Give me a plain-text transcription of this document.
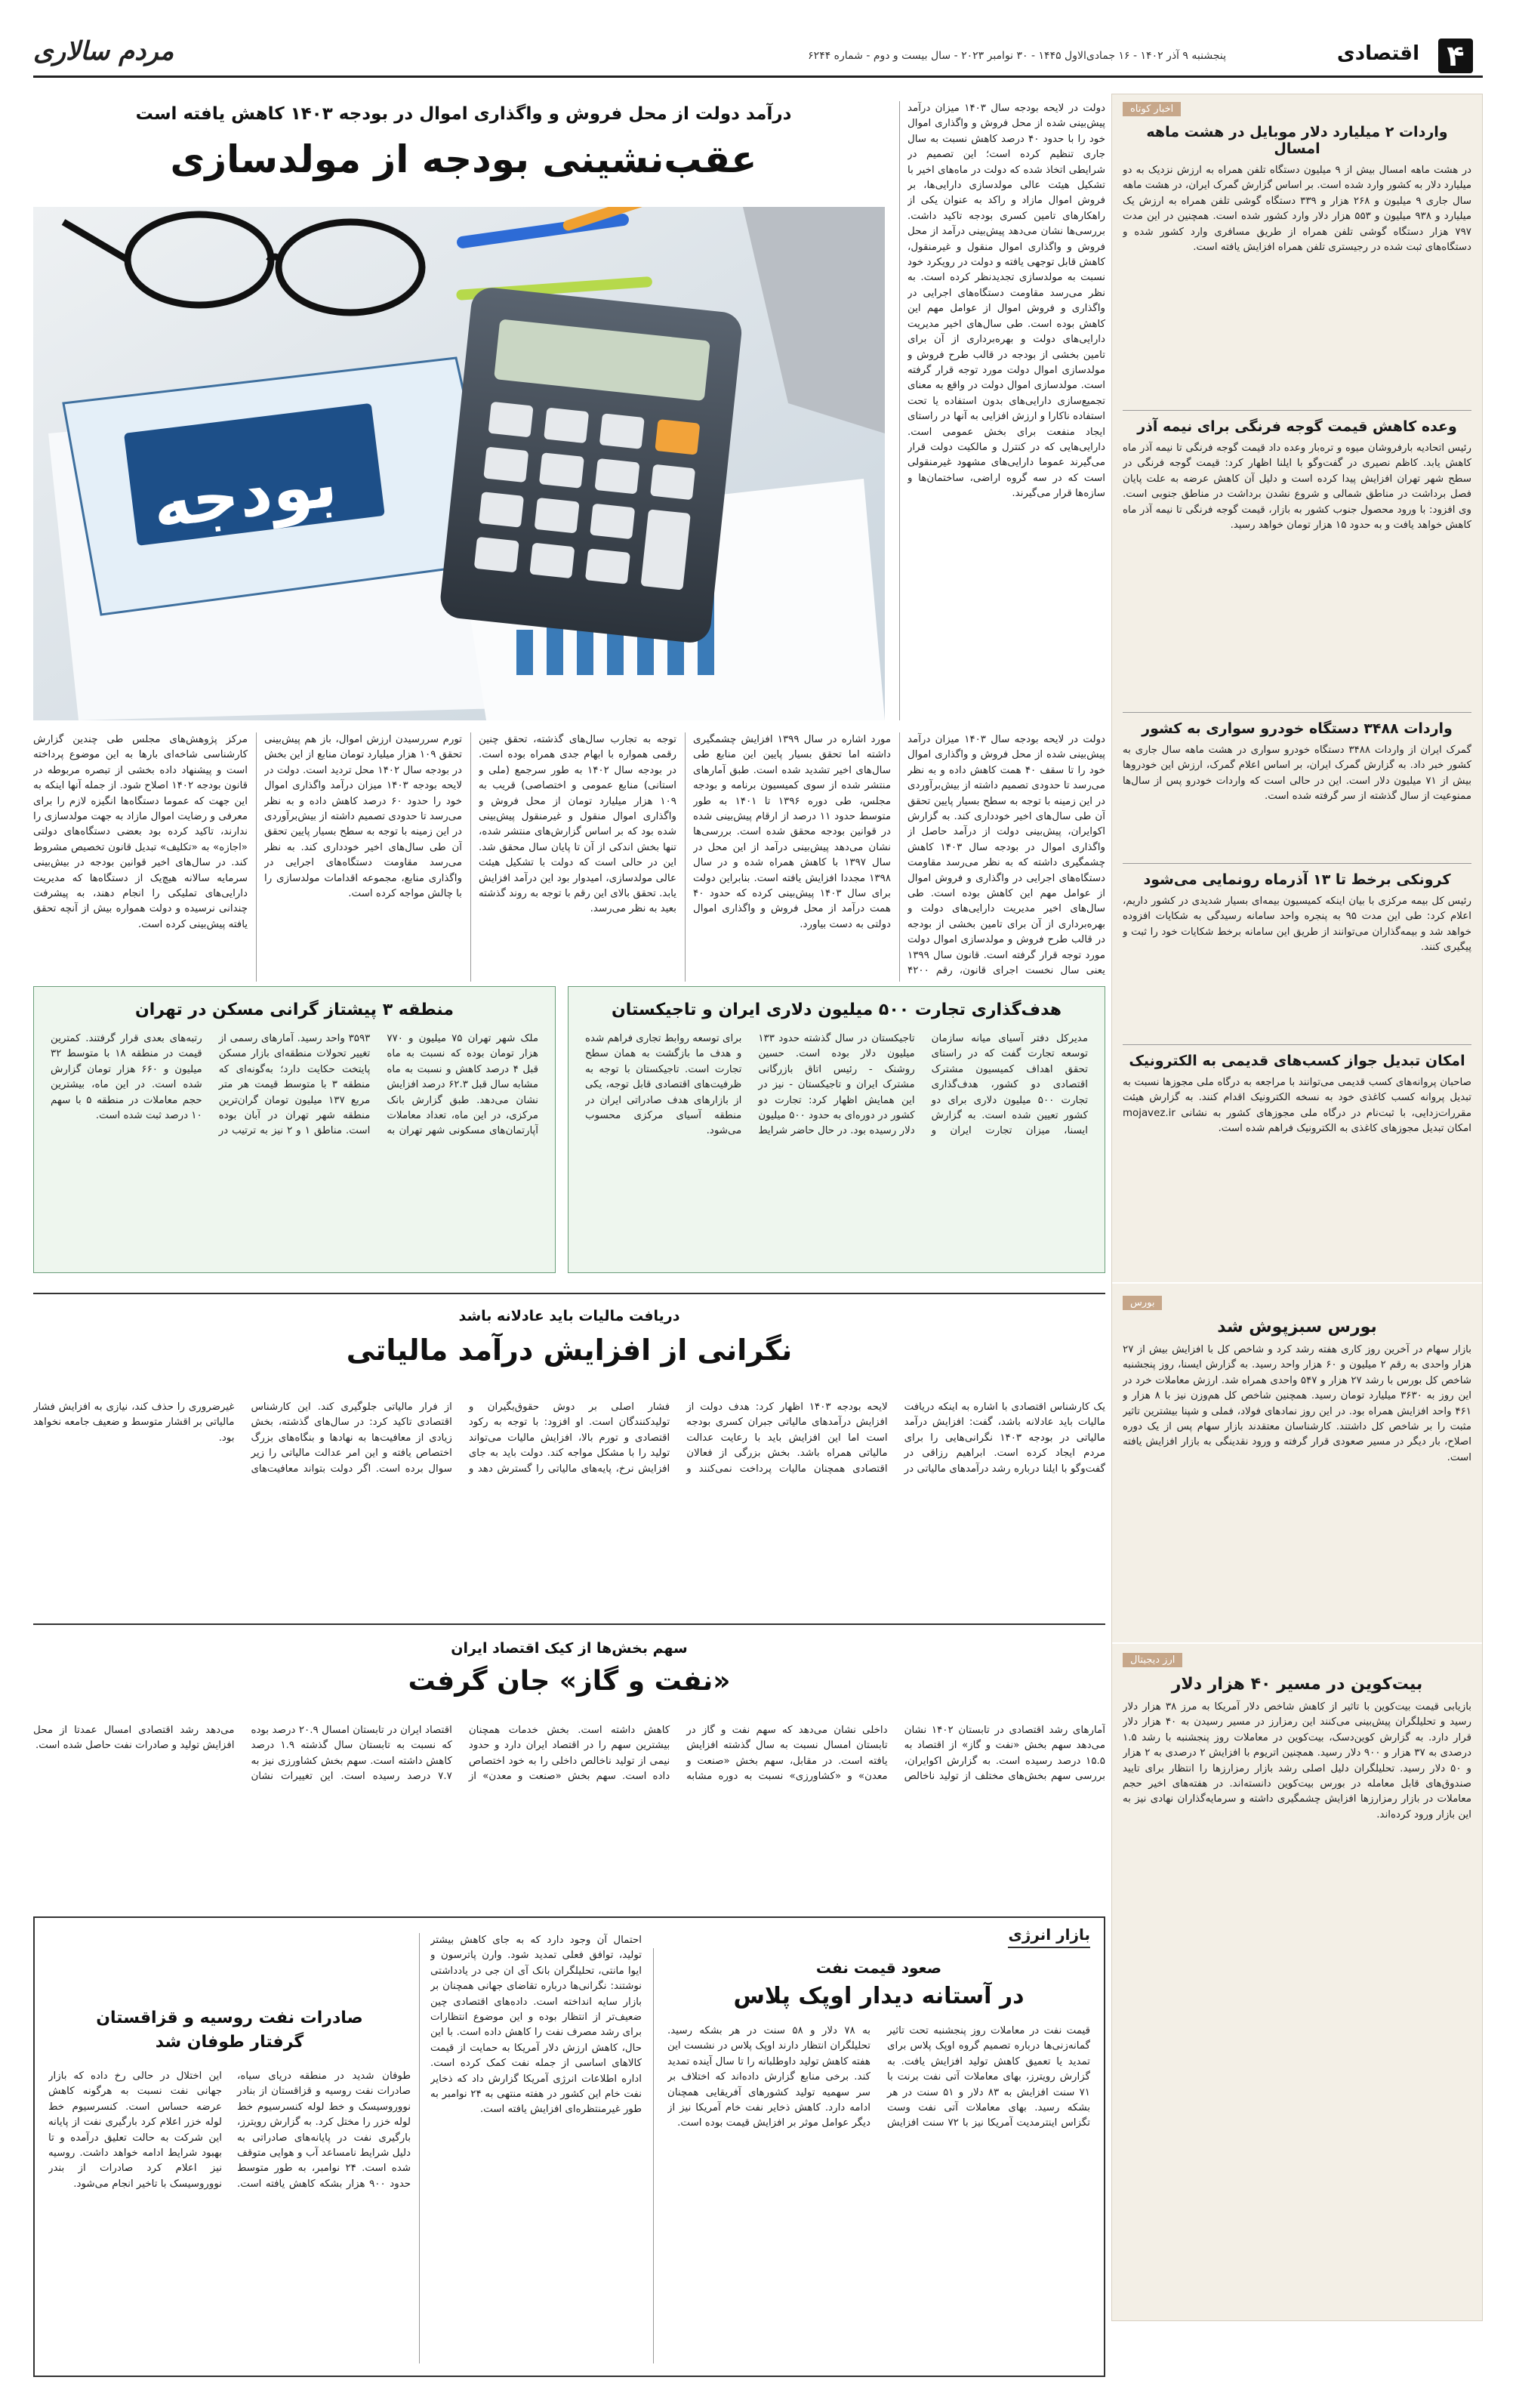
۴
اقتصادی
پنجشنبه ۹ آذر ۱۴۰۲ - ۱۶ جمادی‌الاول ۱۴۴۵ - ۳۰ نوامبر ۲۰۲۳ - سال بیست و دوم - شماره ۶۲۴۴
مردم سالاری
اخبار کوتاه
واردات ۲ میلیارد دلار موبایل در هشت ماهه امسال
در هشت ماهه امسال بیش از ۹ میلیون دستگاه تلفن همراه به ارزش نزدیک به دو میلیارد دلار به کشور وارد شده است. بر اساس گزارش گمرک ایران، در هشت ماهه سال جاری ۹ میلیون و ۲۶۸ هزار و ۳۳۹ دستگاه گوشی تلفن همراه به ارزش یک میلیارد و ۹۳۸ میلیون و ۵۵۳ هزار دلار وارد کشور شده است. همچنین در این مدت ۷۹۷ هزار دستگاه گوشی تلفن همراه از طریق مسافری وارد کشور شده و دستگاه‌های ثبت شده در رجیستری تلفن همراه افزایش یافته است.
وعده کاهش قیمت گوجه فرنگی برای نیمه آذر
رئیس اتحادیه بارفروشان میوه و تره‌بار وعده داد قیمت گوجه فرنگی تا نیمه آذر ماه کاهش یابد. کاظم نصیری در گفت‌وگو با ایلنا اظهار کرد: قیمت گوجه فرنگی در سطح شهر تهران افزایش پیدا کرده است و دلیل آن کاهش عرضه به علت پایان فصل برداشت در مناطق شمالی و شروع نشدن برداشت در مناطق جنوبی است. وی افزود: با ورود محصول جنوب کشور به بازار، قیمت گوجه فرنگی تا نیمه آذر ماه کاهش خواهد یافت و به حدود ۱۵ هزار تومان خواهد رسید.
واردات ۳۴۸۸ دستگاه خودرو سواری به کشور
گمرک ایران از واردات ۳۴۸۸ دستگاه خودرو سواری در هشت ماهه سال جاری به کشور خبر داد. به گزارش گمرک ایران، بر اساس اعلام گمرک، ارزش این خودروها بیش از ۷۱ میلیون دلار است. این در حالی است که واردات خودرو پس از سال‌ها ممنوعیت از سال گذشته از سر گرفته شده است.
کرونکی برخط تا ۱۳ آذرماه رونمایی می‌شود
رئیس کل بیمه مرکزی با بیان اینکه کمیسیون بیمه‌ای بسیار شدیدی در کشور داریم، اعلام کرد: طی این مدت ۹۵ به پنجره واحد سامانه رسیدگی به شکایات افزوده خواهد شد و بیمه‌گذاران می‌توانند از طریق این سامانه برخط شکایات خود را ثبت و پیگیری کنند.
امکان تبدیل جواز کسب‌های قدیمی به الکترونیک
صاحبان پروانه‌های کسب قدیمی می‌توانند با مراجعه به درگاه ملی مجوزها نسبت به تبدیل پروانه کسب کاغذی خود به نسخه الکترونیک اقدام کنند. به گزارش هیئت مقررات‌زدایی، با ثبت‌نام در درگاه ملی مجوزهای کشور به نشانی mojavez.ir امکان تبدیل مجوزهای کاغذی به الکترونیک فراهم شده است.
بورس
بورس سبزپوش شد
بازار سهام در آخرین روز کاری هفته رشد کرد و شاخص کل با افزایش بیش از ۲۷ هزار واحدی به رقم ۲ میلیون و ۶۰ هزار واحد رسید. به گزارش ایسنا، روز پنجشنبه شاخص کل بورس با رشد ۲۷ هزار و ۵۴۷ واحدی همراه شد. ارزش معاملات خرد در این روز به ۳۶۳۰ میلیارد تومان رسید. همچنین شاخص کل هم‌وزن نیز با ۸ هزار و ۴۶۱ واحد افزایش همراه بود. در این روز نمادهای فولاد، فملی و شپنا بیشترین تاثیر مثبت را بر شاخص کل داشتند. کارشناسان معتقدند بازار سهام پس از یک دوره اصلاح، بار دیگر در مسیر صعودی قرار گرفته و ورود نقدینگی به بازار افزایش یافته است.
ارز دیجیتال
بیت‌کوین در مسیر ۴۰ هزار دلار
بازیابی قیمت بیت‌کوین با تاثیر از کاهش شاخص دلار آمریکا به مرز ۳۸ هزار دلار رسید و تحلیلگران پیش‌بینی می‌کنند این رمزارز در مسیر رسیدن به ۴۰ هزار دلار قرار دارد. به گزارش کوین‌دسک، بیت‌کوین در معاملات روز پنجشنبه با رشد ۱.۵ درصدی به ۳۷ هزار و ۹۰۰ دلار رسید. همچنین اتریوم با افزایش ۲ درصدی به ۲ هزار و ۵۰ دلار رسید. تحلیلگران دلیل اصلی رشد بازار رمزارزها را انتظار برای تایید صندوق‌های قابل معامله در بورس بیت‌کوین دانسته‌اند. در هفته‌های اخیر حجم معاملات در بازار رمزارزها افزایش چشمگیری داشته و سرمایه‌گذاران نهادی نیز به این بازار ورود کرده‌اند.
دولت در لایحه بودجه سال ۱۴۰۳ میزان درآمد پیش‌بینی شده از محل فروش و واگذاری اموال خود را با حدود ۴۰ درصد کاهش نسبت به سال جاری تنظیم کرده است؛ این تصمیم در شرایطی اتخاذ شده که دولت در ماه‌های اخیر با تشکیل هیئت عالی مولدسازی دارایی‌ها، بر فروش اموال مازاد و راکد به عنوان یکی از راهکارهای تامین کسری بودجه تاکید داشت. بررسی‌ها نشان می‌دهد پیش‌بینی درآمد از محل فروش و واگذاری اموال منقول و غیرمنقول، کاهش قابل توجهی یافته و دولت در رویکرد خود نسبت به مولدسازی تجدیدنظر کرده است. به نظر می‌رسد مقاومت دستگاه‌های اجرایی در واگذاری و فروش اموال از عوامل مهم این کاهش بوده است. طی سال‌های اخیر مدیریت دارایی‌های دولت و بهره‌برداری از آن برای تامین بخشی از بودجه در قالب طرح فروش و مولدسازی اموال دولت مورد توجه قرار گرفته است. مولدسازی اموال دولت در واقع به معنای تجمیع‌سازی دارایی‌های بدون استفاده یا تحت استفاده ناکارا و ارزش افزایی به آنها در راستای ایجاد منفعت برای بخش عمومی است. دارایی‌هایی که در کنترل و مالکیت دولت قرار می‌گیرند عموما دارایی‌های مشهود غیرمنقولی است که در سه گروه اراضی، ساختمان‌ها و سازه‌ها قرار می‌گیرند.
درآمد دولت از محل فروش و واگذاری اموال در بودجه ۱۴۰۳ کاهش یافته است
عقب‌نشینی بودجه از مولدسازی
بودجه
دولت در لایحه بودجه سال ۱۴۰۳ میزان درآمد پیش‌بینی شده از محل فروش و واگذاری اموال خود را تا سقف ۴۰ همت کاهش داده و به نظر می‌رسد تا حدودی تصمیم داشته از بیش‌برآوردی در این زمینه با توجه به سطح بسیار پایین تحقق آن طی سال‌های اخیر خودداری کند. به گزارش اکوایران، پیش‌بینی دولت از درآمد حاصل از واگذاری اموال در بودجه سال ۱۴۰۳ کاهش چشمگیری داشته که به نظر می‌رسد مقاومت دستگاه‌های اجرایی در واگذاری و فروش اموال از عوامل مهم این کاهش بوده است. طی سال‌های اخیر مدیریت دارایی‌های دولت و بهره‌برداری از آن برای تامین بخشی از بودجه در قالب طرح فروش و مولدسازی اموال دولت مورد توجه قرار گرفته است. قانون سال ۱۳۹۹ یعنی سال نخست اجرای قانون، رقم ۴۲۰۰
مورد اشاره در سال ۱۳۹۹ افزایش چشمگیری داشته اما تحقق بسیار پایین این منابع طی سال‌های اخیر تشدید شده است. طبق آمارهای منتشر شده از سوی کمیسیون برنامه و بودجه مجلس، طی دوره ۱۳۹۶ تا ۱۴۰۱ به طور متوسط حدود ۱۱ درصد از ارقام پیش‌بینی شده در قوانین بودجه محقق شده است. بررسی‌ها نشان می‌دهد پیش‌بینی درآمد از این محل در سال ۱۳۹۷ با کاهش همراه شده و در سال ۱۳۹۸ مجددا افزایش یافته است. بنابراین دولت برای سال ۱۴۰۳ پیش‌بینی کرده که حدود ۴۰ همت درآمد از محل فروش و واگذاری اموال دولتی به دست بیاورد.
توجه به تجارب سال‌های گذشته، تحقق چنین رقمی همواره با ابهام جدی همراه بوده است. در بودجه سال ۱۴۰۲ به طور سرجمع (ملی و استانی) منابع عمومی و اختصاصی) قریب به ۱۰۹ هزار میلیارد تومان از محل فروش و واگذاری اموال منقول و غیرمنقول پیش‌بینی شده بود که بر اساس گزارش‌های منتشر شده، تنها بخش اندکی از آن تا پایان سال محقق شد. این در حالی است که دولت با تشکیل هیئت عالی مولدسازی، امیدوار بود این درآمد افزایش یابد. تحقق بالای این رقم با توجه به روند گذشته بعید به نظر می‌رسد.
تورم سررسیدن ارزش اموال، باز هم پیش‌بینی تحقق ۱۰۹ هزار میلیارد تومان منابع از این بخش در بودجه سال ۱۴۰۲ محل تردید است. دولت در لایحه بودجه ۱۴۰۳ میزان درآمد واگذاری اموال خود را حدود ۶۰ درصد کاهش داده و به نظر می‌رسد تا حدودی تصمیم داشته از بیش‌برآوردی در این زمینه با توجه به سطح بسیار پایین تحقق آن طی سال‌های اخیر خودداری کند. به نظر می‌رسد مقاومت دستگاه‌های اجرایی در واگذاری منابع، مجموعه اقدامات مولدسازی را با چالش مواجه کرده است.
مرکز پژوهش‌های مجلس طی چندین گزارش کارشناسی شاخه‌ای بارها به این موضوع پرداخته است و پیشنهاد داده بخشی از تبصره مربوطه در قانون بودجه ۱۴۰۲ اصلاح شود. از جمله آنها اینکه به این جهت که عموما دستگاه‌ها انگیزه لازم را برای معرفی و رضایت اموال مازاد به جهت مولدسازی را ندارند، تاکید کرده بود بعضی دستگاه‌های دولتی «اجازه» به «تکلیف» تبدیل قانون تخصیص مشروط کند. در سال‌های اخیر قوانین بودجه در بیش‌بینی سرمایه سالانه هیچ‌یک از دستگاه‌ها که مدیریت دارایی‌های تملیکی را انجام دهند، به پیشرفت چندانی نرسیده و دولت همواره بیش از آنچه تحقق یافته پیش‌بینی کرده است.
هدف‌گذاری تجارت ۵۰۰ میلیون دلاری ایران و تاجیکستان
مدیرکل دفتر آسیای میانه سازمان توسعه تجارت گفت که در راستای تحقق اهداف کمیسیون مشترک اقتصادی دو کشور، هدف‌گذاری تجارت ۵۰۰ میلیون دلاری برای دو کشور تعیین شده است. به گزارش ایسنا، میزان تجارت ایران و تاجیکستان در سال گذشته حدود ۱۳۳ میلیون دلار بوده است. حسین روشنک - رئیس اتاق بازرگانی مشترک ایران و تاجیکستان - نیز در این همایش اظهار کرد: تجارت دو کشور در دوره‌ای به حدود ۵۰۰ میلیون دلار رسیده بود. در حال حاضر شرایط برای توسعه روابط تجاری فراهم شده و هدف ما بازگشت به همان سطح تجارت است. تاجیکستان با توجه به ظرفیت‌های اقتصادی قابل توجه، یکی از بازارهای هدف صادراتی ایران در منطقه آسیای مرکزی محسوب می‌شود.
منطقه ۳ پیشتاز گرانی مسکن در تهران
ملک شهر تهران ۷۵ میلیون و ۷۷۰ هزار تومان بوده که نسبت به ماه قبل ۴ درصد کاهش و نسبت به ماه مشابه سال قبل ۶۲.۳ درصد افزایش نشان می‌دهد. طبق گزارش بانک مرکزی، در این ماه، تعداد معاملات آپارتمان‌های مسکونی شهر تهران به ۳۵۹۳ واحد رسید. آمارهای رسمی از تغییر تحولات منطقه‌ای بازار مسکن پایتخت حکایت دارد؛ به‌گونه‌ای که منطقه ۳ با متوسط قیمت هر متر مربع ۱۳۷ میلیون تومان گران‌ترین منطقه شهر تهران در آبان بوده است. مناطق ۱ و ۲ نیز به ترتیب در رتبه‌های بعدی قرار گرفتند. کمترین قیمت در منطقه ۱۸ با متوسط ۳۲ میلیون و ۶۶۰ هزار تومان گزارش شده است. در این ماه، بیشترین حجم معاملات در منطقه ۵ با سهم ۱۰ درصد ثبت شده است.
دریافت مالیات باید عادلانه باشد
نگرانی از افزایش درآمد مالیاتی
یک کارشناس اقتصادی با اشاره به اینکه دریافت مالیات باید عادلانه باشد، گفت: افزایش درآمد مالیاتی در بودجه ۱۴۰۳ نگرانی‌هایی را برای مردم ایجاد کرده است. ابراهیم رزاقی در گفت‌وگو با ایلنا درباره رشد درآمدهای مالیاتی در لایحه بودجه ۱۴۰۳ اظهار کرد: هدف دولت از افزایش درآمدهای مالیاتی جبران کسری بودجه است اما این افزایش باید با رعایت عدالت مالیاتی همراه باشد. بخش بزرگی از فعالان اقتصادی همچنان مالیات پرداخت نمی‌کنند و فشار اصلی بر دوش حقوق‌بگیران و تولیدکنندگان است. او افزود: با توجه به رکود اقتصادی و تورم بالا، افزایش مالیات می‌تواند تولید را با مشکل مواجه کند. دولت باید به جای افزایش نرخ، پایه‌های مالیاتی را گسترش دهد و از فرار مالیاتی جلوگیری کند. این کارشناس اقتصادی تاکید کرد: در سال‌های گذشته، بخش زیادی از معافیت‌ها به نهادها و بنگاه‌های بزرگ اختصاص یافته و این امر عدالت مالیاتی را زیر سوال برده است. اگر دولت بتواند معافیت‌های غیرضروری را حذف کند، نیازی به افزایش فشار مالیاتی بر اقشار متوسط و ضعیف جامعه نخواهد بود.
سهم بخش‌ها از کیک اقتصاد ایران
«نفت و گاز» جان گرفت
آمارهای رشد اقتصادی در تابستان ۱۴۰۲ نشان می‌دهد سهم بخش «نفت و گاز» از اقتصاد به ۱۵.۵ درصد رسیده است. به گزارش اکوایران، بررسی سهم بخش‌های مختلف از تولید ناخالص داخلی نشان می‌دهد که سهم نفت و گاز در تابستان امسال نسبت به سال گذشته افزایش یافته است. در مقابل، سهم بخش «صنعت و معدن» و «کشاورزی» نسبت به دوره مشابه کاهش داشته است. بخش خدمات همچنان بیشترین سهم را در اقتصاد ایران دارد و حدود نیمی از تولید ناخالص داخلی را به خود اختصاص داده است. سهم بخش «صنعت و معدن» از اقتصاد ایران در تابستان امسال ۲۰.۹ درصد بوده که نسبت به تابستان سال گذشته ۱.۹ درصد کاهش داشته است. سهم بخش کشاورزی نیز به ۷.۷ درصد رسیده است. این تغییرات نشان می‌دهد رشد اقتصادی امسال عمدتا از محل افزایش تولید و صادرات نفت حاصل شده است.
بازار انرژی
صعود قیمت نفت
در آستانه دیدار اوپک پلاس
قیمت نفت در معاملات روز پنجشنبه تحت تاثیر گمانه‌زنی‌ها درباره تصمیم گروه اوپک پلاس برای تمدید یا تعمیق کاهش تولید افزایش یافت. به گزارش رویترز، بهای معاملات آتی نفت برنت با ۷۱ سنت افزایش به ۸۳ دلار و ۵۱ سنت در هر بشکه رسید. بهای معاملات آتی نفت وست تگزاس اینترمدیت آمریکا نیز با ۷۲ سنت افزایش به ۷۸ دلار و ۵۸ سنت در هر بشکه رسید. تحلیلگران انتظار دارند اوپک پلاس در نشست این هفته کاهش تولید داوطلبانه را تا سال آینده تمدید کند. برخی منابع گزارش داده‌اند که اختلاف بر سر سهمیه تولید کشورهای آفریقایی همچنان ادامه دارد. کاهش ذخایر نفت خام آمریکا نیز از دیگر عوامل موثر بر افزایش قیمت بوده است.
احتمال آن وجود دارد که به جای کاهش بیشتر تولید، توافق فعلی تمدید شود. وارن پاترسون و ایوا مانتی، تحلیلگران بانک آی ان جی در یادداشتی نوشتند: نگرانی‌ها درباره تقاضای جهانی همچنان بر بازار سایه انداخته است. داده‌های اقتصادی چین ضعیف‌تر از انتظار بوده و این موضوع انتظارات برای رشد مصرف نفت را کاهش داده است. با این حال، کاهش ارزش دلار آمریکا به حمایت از قیمت کالاهای اساسی از جمله نفت کمک کرده است. اداره اطلاعات انرژی آمریکا گزارش داد که ذخایر نفت خام این کشور در هفته منتهی به ۲۴ نوامبر به طور غیرمنتظره‌ای افزایش یافته است.
صادرات نفت روسیه و قزاقستان
گرفتار طوفان شد
طوفان شدید در منطقه دریای سیاه، صادرات نفت روسیه و قزاقستان از بنادر نووروسیسک و خط لوله کنسرسیوم خط لوله خزر را مختل کرد. به گزارش رویترز، بارگیری نفت در پایانه‌های صادراتی به دلیل شرایط نامساعد آب و هوایی متوقف شده است. ۲۴ نوامبر، به طور متوسط حدود ۹۰۰ هزار بشکه کاهش یافته است. این اختلال در حالی رخ داده که بازار جهانی نفت نسبت به هرگونه کاهش عرضه حساس است. کنسرسیوم خط لوله خزر اعلام کرد بارگیری نفت از پایانه این شرکت به حالت تعلیق درآمده و تا بهبود شرایط ادامه خواهد داشت. روسیه نیز اعلام کرد صادرات از بندر نووروسیسک با تاخیر انجام می‌شود.
